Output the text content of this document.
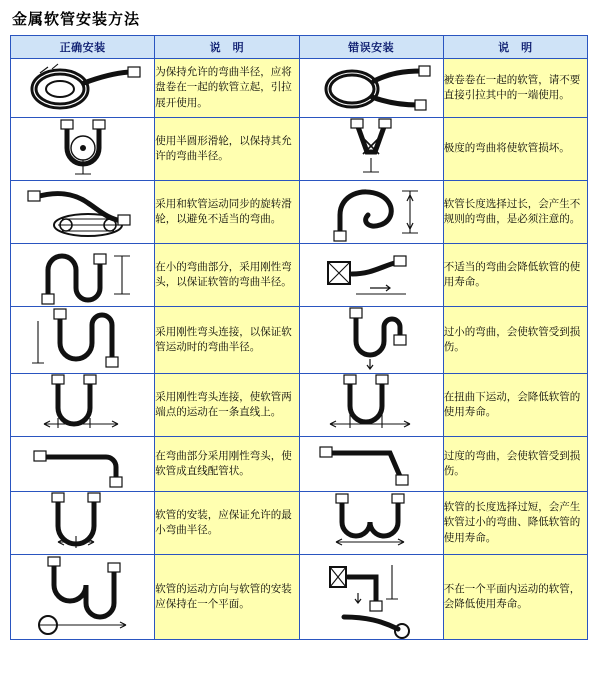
金属软管安装方法
正确安装	说　明	错误安装	说　明

	为保持允许的弯曲半径，应将盘卷在一起的软管立起，引拉展开使用。		被卷卷在一起的软管，请不要直接引拉其中的一端使用。

	使用半圆形滑轮，以保持其允许的弯曲半径。		极度的弯曲将使软管损坏。

	采用和软管运动同步的旋转滑轮，以避免不适当的弯曲。		软管长度选择过长，会产生不规则的弯曲，是必须注意的。

	在小的弯曲部分，采用刚性弯头，以保证软管的弯曲半径。		不适当的弯曲会降低软管的使用寿命。

	采用刚性弯头连接，以保证软管运动时的弯曲半径。		过小的弯曲，会使软管受到损伤。

	采用刚性弯头连接，使软管两端点的运动在一条直线上。		在扭曲下运动，会降低软管的使用寿命。

	在弯曲部分采用刚性弯头，使软管成直线配管状。		过度的弯曲，会使软管受到损伤。

	软管的安装，应保证允许的最小弯曲半径。		软管的长度选择过短，会产生软管过小的弯曲、降低软管的使用寿命。

	软管的运动方向与软管的安装应保持在一个平面。		不在一个平面内运动的软管，会降低使用寿命。
